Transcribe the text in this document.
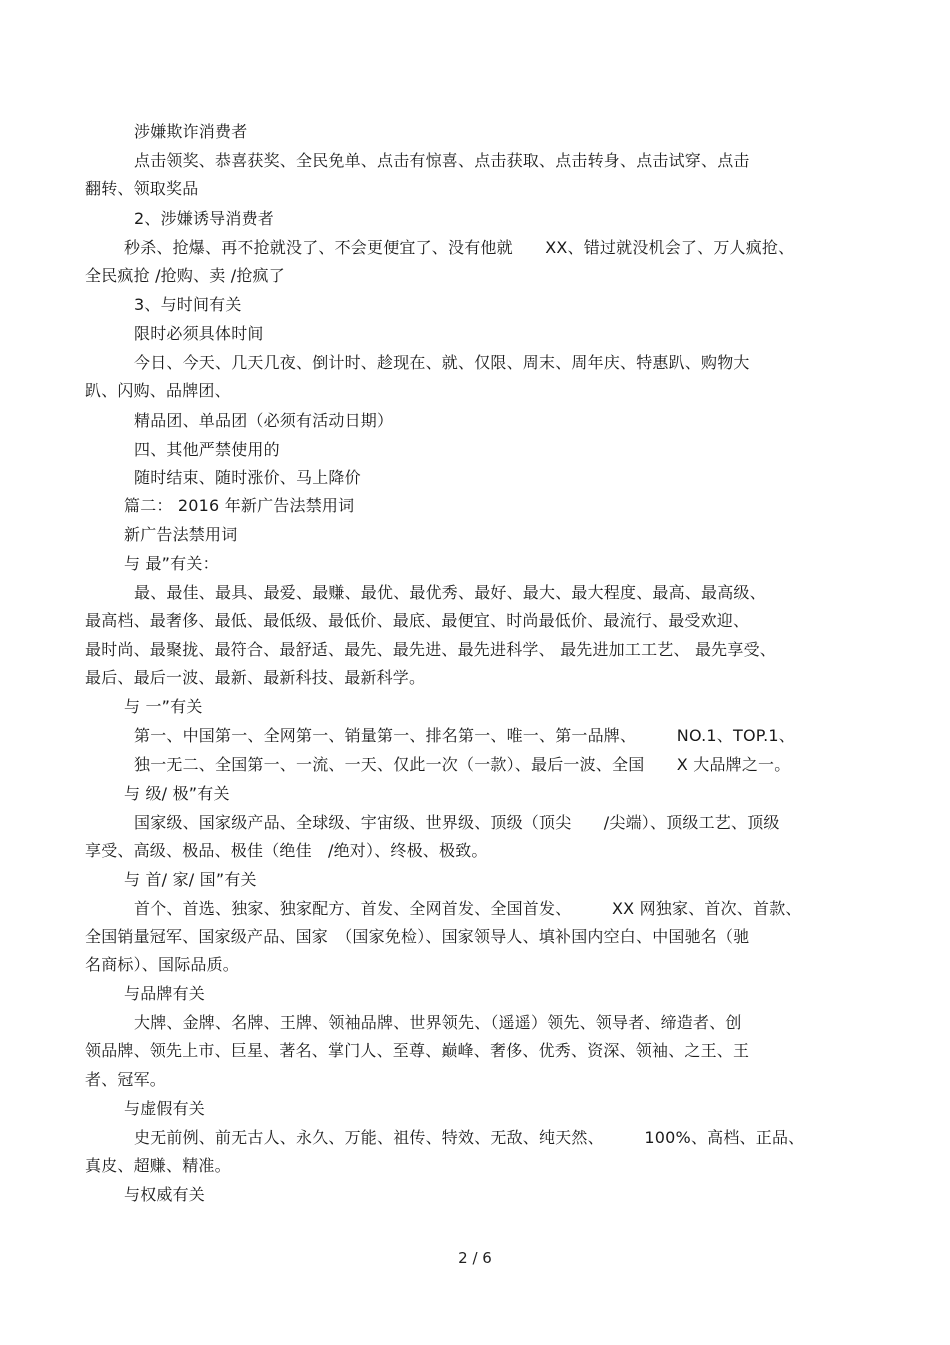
涉嫌欺诈消费者
点击领奖、恭喜获奖、全民免单、点击有惊喜、点击获取、点击转身、点击试穿、点击
翻转、领取奖品
2、涉嫌诱导消费者
秒杀、抢爆、再不抢就没了、不会更便宜了、没有他就　　XX、错过就没机会了、万人疯抢、
全民疯抢 /抢购、卖 /抢疯了
3、与时间有关
限时必须具体时间
今日、今天、几天几夜、倒计时、趁现在、就、仅限、周末、周年庆、特惠趴、购物大
趴、闪购、品牌团、
精品团、单品团（必须有活动日期）
四、其他严禁使用的
随时结束、随时涨价、马上降价
篇二： 2016 年新广告法禁用词
新广告法禁用词
与 最”有关：
最、最佳、最具、最爱、最赚、最优、最优秀、最好、最大、最大程度、最高、最高级、
最高档、最奢侈、最低、最低级、最低价、最底、最便宜、时尚最低价、最流行、最受欢迎、
最时尚、最聚拢、最符合、最舒适、最先、最先进、最先进科学、 最先进加工工艺、 最先享受、
最后、最后一波、最新、最新科技、最新科学。
与 一”有关
第一、中国第一、全网第一、销量第一、排名第一、唯一、第一品牌、　　　NO.1、TOP.1、
独一无二、全国第一、一流、一天、仅此一次（一款）、最后一波、全国　　X 大品牌之一。
与 级/ 极”有关
国家级、国家级产品、全球级、宇宙级、世界级、顶级（顶尖　　/尖端）、顶级工艺、顶级
享受、高级、极品、极佳（绝佳　/绝对）、终极、极致。
与 首/ 家/ 国”有关
首个、首选、独家、独家配方、首发、全网首发、全国首发、　　　XX 网独家、首次、首款、
全国销量冠军、国家级产品、国家　（国家免检）、国家领导人、填补国内空白、中国驰名（驰
名商标）、国际品质。
与品牌有关
大牌、金牌、名牌、王牌、领袖品牌、世界领先、（遥遥）领先、领导者、缔造者、创
领品牌、领先上市、巨星、著名、掌门人、至尊、巅峰、奢侈、优秀、资深、领袖、之王、王
者、冠军。
与虚假有关
史无前例、前无古人、永久、万能、祖传、特效、无敌、纯天然、　　　100%、高档、正品、
真皮、超赚、精准。
与权威有关
2 / 6
